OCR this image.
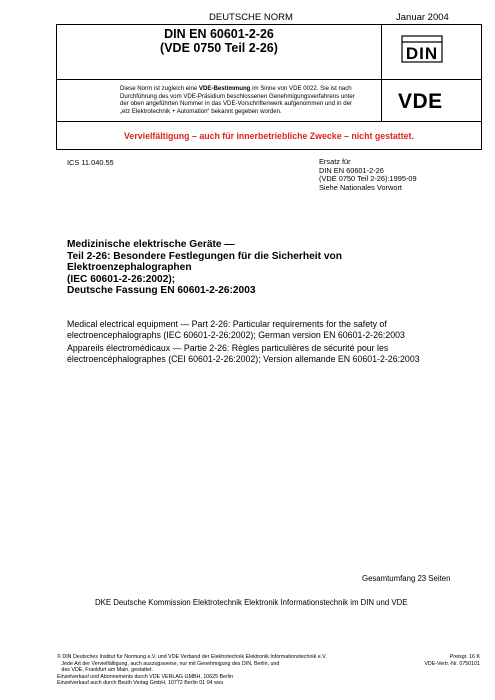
DEUTSCHE NORM	Januar 2004
DIN EN 60601-2-26
(VDE 0750 Teil 2-26)	DIN
Diese Norm ist zugleich eine VDE-Bestimmung im Sinne von VDE 0022. Sie ist nach
Durchführung des vom VDE-Präsidium beschlossenen Genehmigungsverfahrens unter
der oben angeführten Nummer in das VDE-Vorschriftenwerk aufgenommen und in der
„etz Elektrotechnik + Automation“ bekannt gegeben worden.	VDE
Vervielfältigung – auch für innerbetriebliche Zwecke – nicht gestattet.
ICS 11.040.55	Ersatz für
DIN EN 60601-2-26
(VDE 0750 Teil 2-26):1995-09
Siehe Nationales Vorwort
Medizinische elektrische Geräte —
Teil 2-26: Besondere Festlegungen für die Sicherheit von
Elektroenzephalographen
(IEC 60601-2-26:2002);
Deutsche Fassung EN 60601-2-26:2003
Medical electrical equipment — Part 2-26: Particular requirements for the safety of
electroencephalographs (IEC 60601-2-26:2002); German version EN 60601-2-26:2003
Appareils électromédicaux — Partie 2-26: Règles particulières de sécurité pour les
électroencéphalographes (CEI 60601-2-26:2002); Version allemande EN 60601-2-26:2003
Gesamtumfang 23 Seiten
DKE Deutsche Kommission Elektrotechnik Elektronik Informationstechnik im DIN und VDE
© DIN Deutsches Institut für Normung e.V. und VDE Verband der Elektrotechnik Elektronik Informationstechnik e.V.
Jede Art der Vervielfältigung, auch auszugsweise, nur mit Genehmigung des DIN, Berlin, und
des VDE, Frankfurt am Main, gestattet.
Einzelverkauf und Abonnements durch VDE VERLAG GMBH, 10625 Berlin
Einzelverkauf auch durch Beuth Verlag GmbH, 10772 Berlin 01 04 wvu
Preisgr. 16 K
VDE-Vertr.-Nr. 0750101
